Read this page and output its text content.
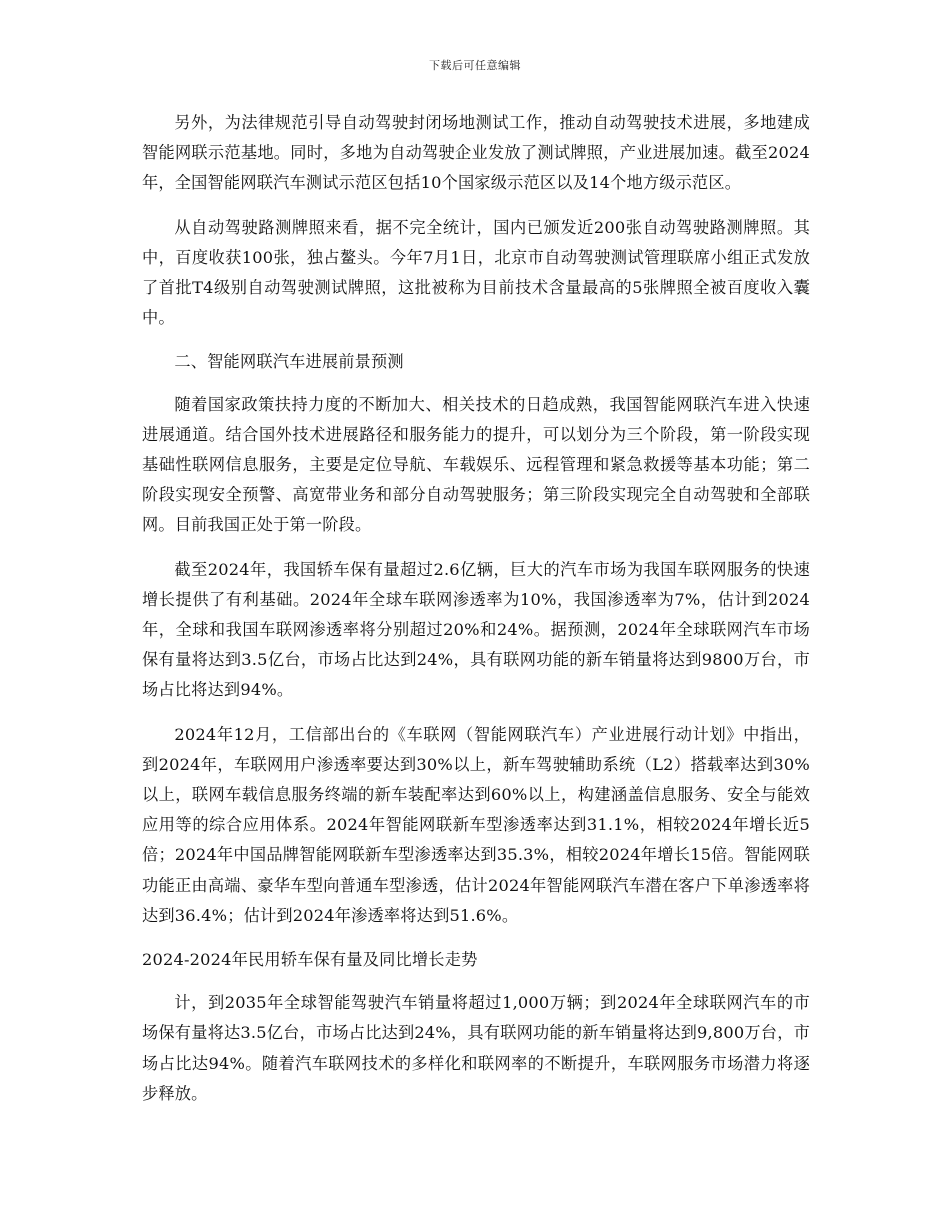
下载后可任意编辑

另外，为法律规范引导自动驾驶封闭场地测试工作，推动自动驾驶技术进展，多地建成智能网联示范基地。同时，多地为自动驾驶企业发放了测试牌照，产业进展加速。截至2024年，全国智能网联汽车测试示范区包括10个国家级示范区以及14个地方级示范区。

从自动驾驶路测牌照来看，据不完全统计，国内已颁发近200张自动驾驶路测牌照。其中，百度收获100张，独占鳌头。今年7月1日，北京市自动驾驶测试管理联席小组正式发放了首批T4级别自动驾驶测试牌照，这批被称为目前技术含量最高的5张牌照全被百度收入囊中。

二、智能网联汽车进展前景预测

随着国家政策扶持力度的不断加大、相关技术的日趋成熟，我国智能网联汽车进入快速进展通道。结合国外技术进展路径和服务能力的提升，可以划分为三个阶段，第一阶段实现基础性联网信息服务，主要是定位导航、车载娱乐、远程管理和紧急救援等基本功能；第二阶段实现安全预警、高宽带业务和部分自动驾驶服务；第三阶段实现完全自动驾驶和全部联网。目前我国正处于第一阶段。

截至2024年，我国轿车保有量超过2.6亿辆，巨大的汽车市场为我国车联网服务的快速增长提供了有利基础。2024年全球车联网渗透率为10%，我国渗透率为7%，估计到2024年，全球和我国车联网渗透率将分别超过20%和24%。据预测，2024年全球联网汽车市场保有量将达到3.5亿台，市场占比达到24%，具有联网功能的新车销量将达到9800万台，市场占比将达到94%。

2024年12月，工信部出台的《车联网（智能网联汽车）产业进展行动计划》中指出，到2024年，车联网用户渗透率要达到30%以上，新车驾驶辅助系统（L2）搭载率达到30%以上，联网车载信息服务终端的新车装配率达到60%以上，构建涵盖信息服务、安全与能效应用等的综合应用体系。2024年智能网联新车型渗透率达到31.1%，相较2024年增长近5倍；2024年中国品牌智能网联新车型渗透率达到35.3%，相较2024年增长15倍。智能网联功能正由高端、豪华车型向普通车型渗透，估计2024年智能网联汽车潜在客户下单渗透率将达到36.4%；估计到2024年渗透率将达到51.6%。

2024-2024年民用轿车保有量及同比增长走势

计，到2035年全球智能驾驶汽车销量将超过1,000万辆；到2024年全球联网汽车的市场保有量将达3.5亿台，市场占比达到24%，具有联网功能的新车销量将达到9,800万台，市场占比达94%。随着汽车联网技术的多样化和联网率的不断提升，车联网服务市场潜力将逐步释放。
